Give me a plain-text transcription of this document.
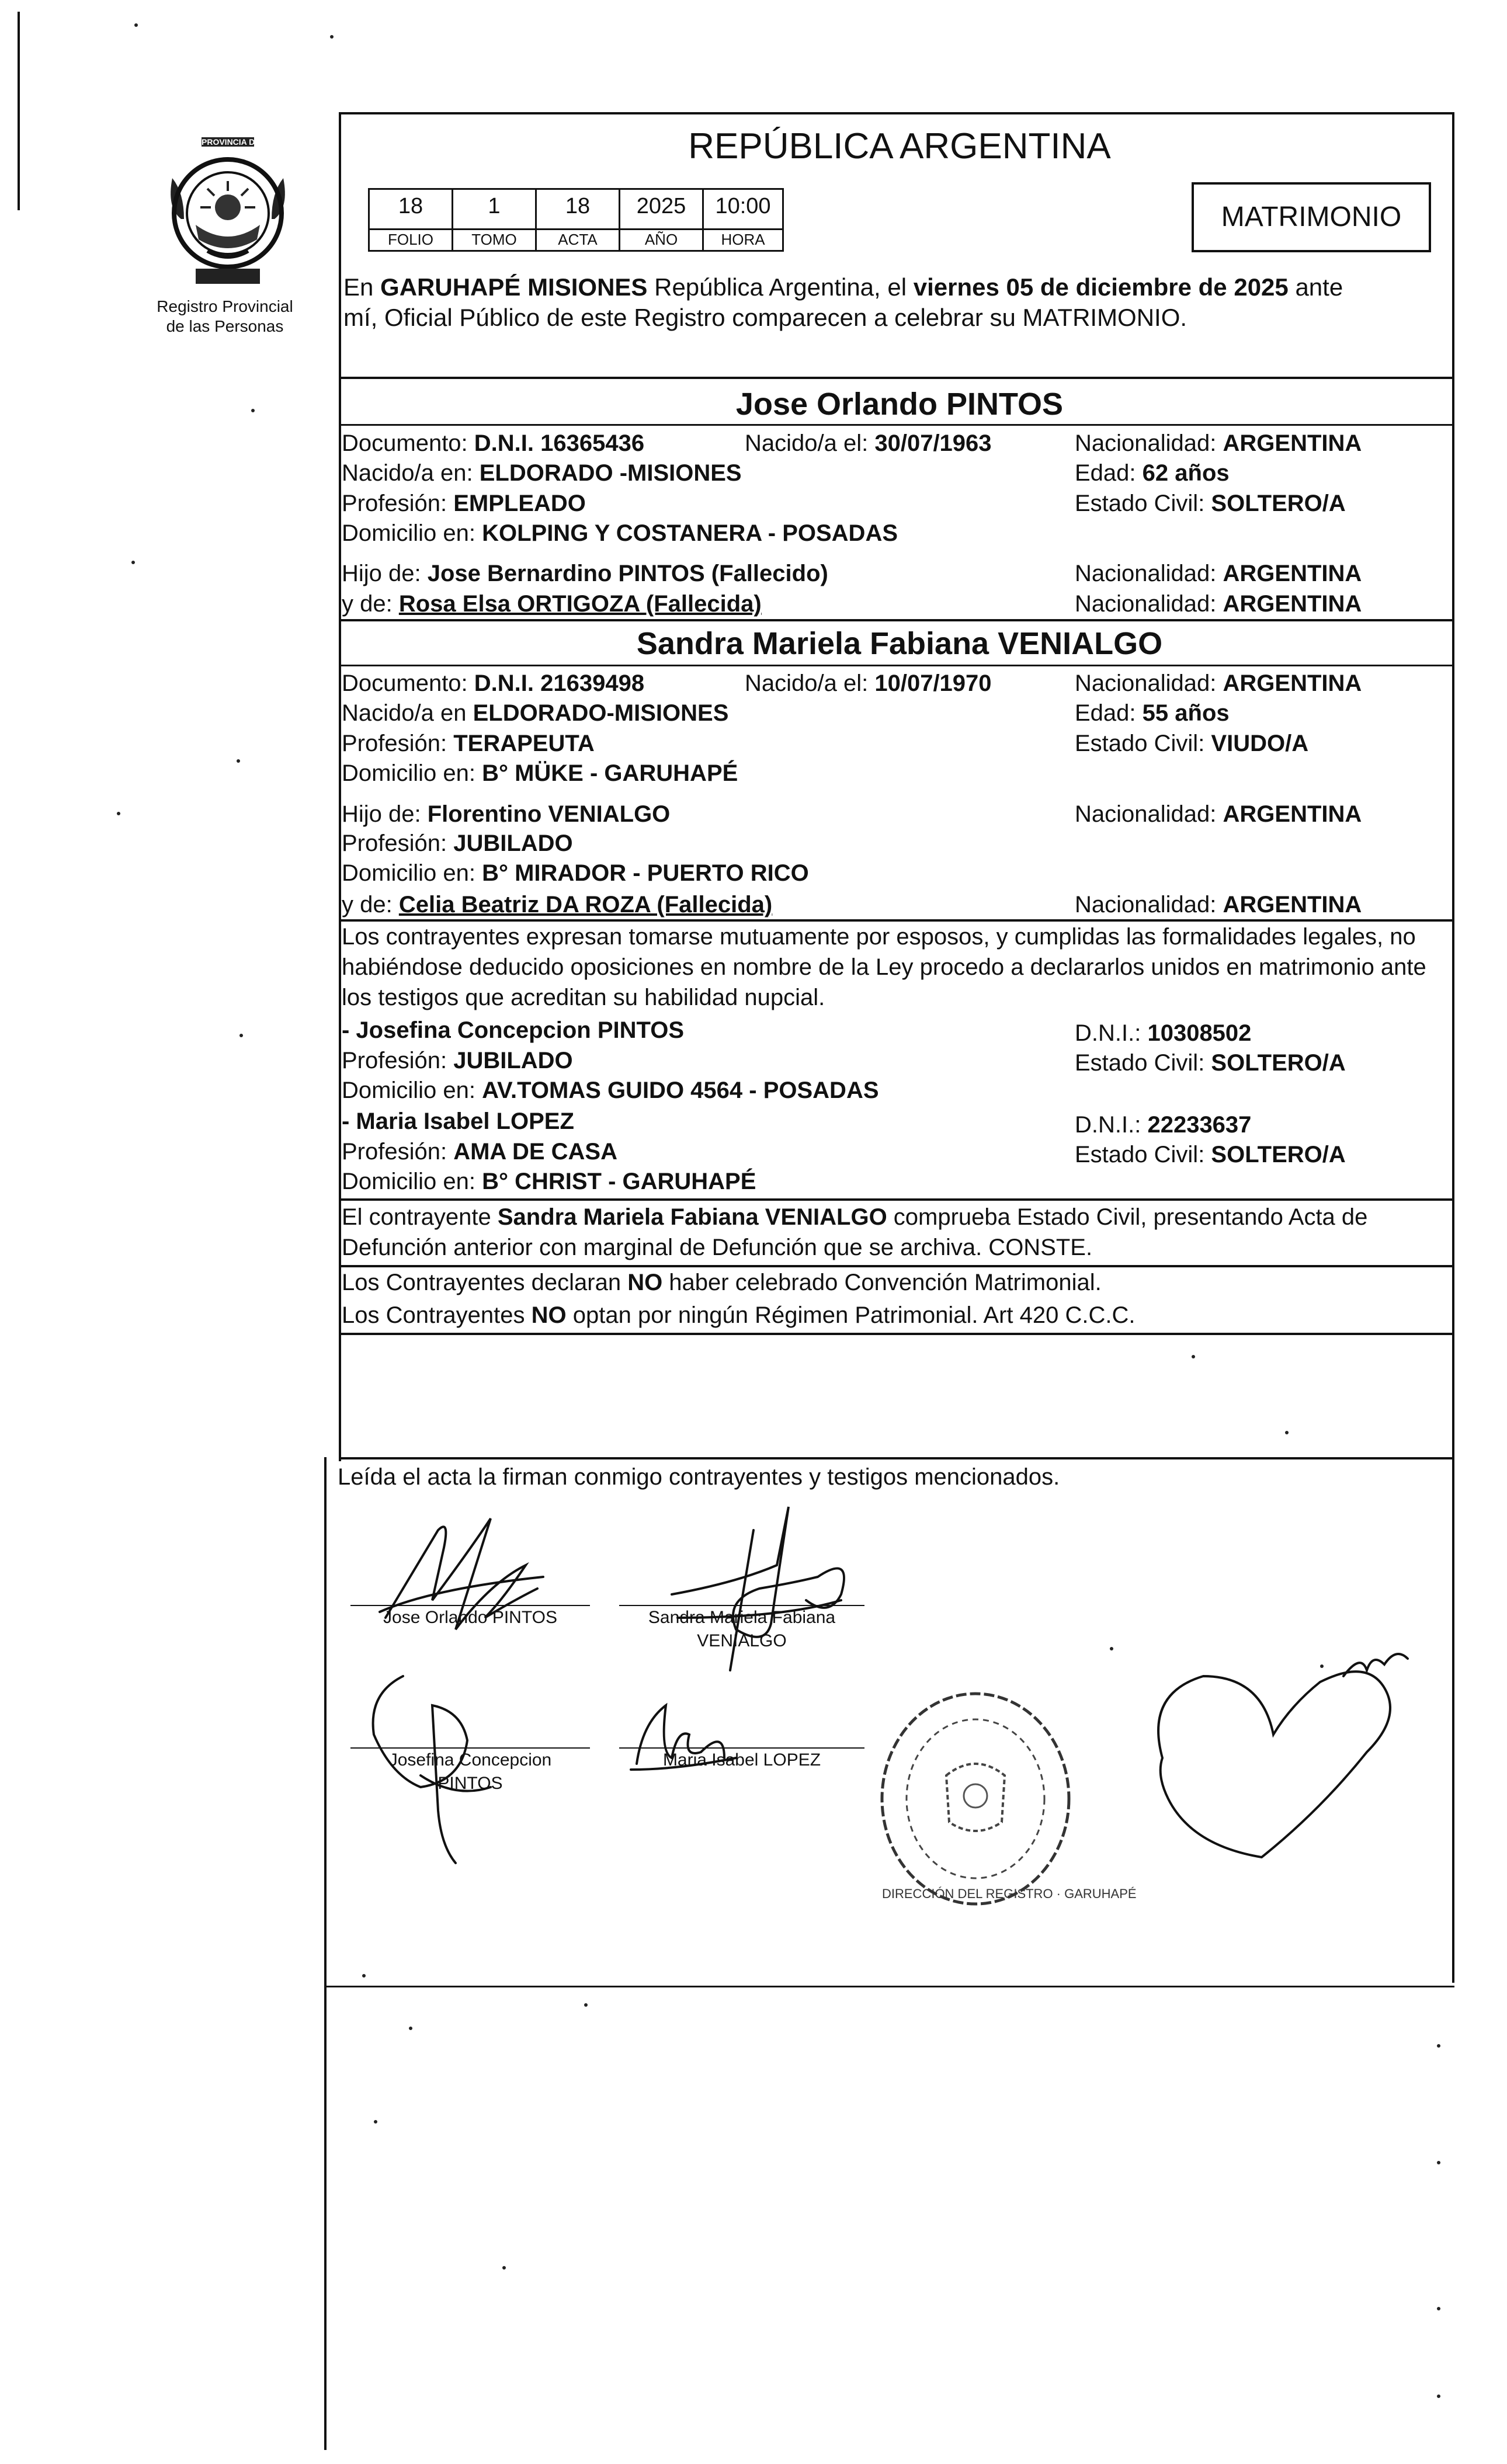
PROVINCIA DE MISIONES
Registro Provincial
de las Personas
REPÚBLICA ARGENTINA
18	1	18	2025	10:00
FOLIO	TOMO	ACTA	AÑO	HORA
MATRIMONIO
En GARUHAPÉ MISIONES República Argentina, el viernes 05 de diciembre de 2025 ante
mí, Oficial Público de este Registro comparecen a celebrar su MATRIMONIO.
Jose Orlando PINTOS
Documento: D.N.I. 16365436	Nacido/a el: 30/07/1963	Nacionalidad: ARGENTINA
Nacido/a en: ELDORADO -MISIONES	Edad: 62 años
Profesión: EMPLEADO	Estado Civil: SOLTERO/A
Domicilio en: KOLPING Y COSTANERA - POSADAS
Hijo de: Jose Bernardino PINTOS (Fallecido)	Nacionalidad: ARGENTINA
y de: Rosa Elsa ORTIGOZA (Fallecida)	Nacionalidad: ARGENTINA
Sandra Mariela Fabiana VENIALGO
Documento: D.N.I. 21639498	Nacido/a el: 10/07/1970	Nacionalidad: ARGENTINA
Nacido/a en ELDORADO-MISIONES	Edad: 55 años
Profesión: TERAPEUTA	Estado Civil: VIUDO/A
Domicilio en: B° MÜKE - GARUHAPÉ
Hijo de: Florentino VENIALGO	Nacionalidad: ARGENTINA
Profesión: JUBILADO
Domicilio en: B° MIRADOR - PUERTO RICO
y de: Celia Beatriz DA ROZA (Fallecida)	Nacionalidad: ARGENTINA
Los contrayentes expresan tomarse mutuamente por esposos, y cumplidas las formalidades legales, no
habiéndose deducido oposiciones en nombre de la Ley procedo a declararlos unidos en matrimonio ante
los testigos que acreditan su habilidad nupcial.
- Josefina Concepcion PINTOS	D.N.I.: 10308502
Profesión: JUBILADO	Estado Civil: SOLTERO/A
Domicilio en: AV.TOMAS GUIDO 4564 - POSADAS
- Maria Isabel LOPEZ	D.N.I.: 22233637
Profesión: AMA DE CASA	Estado Civil: SOLTERO/A
Domicilio en: B° CHRIST - GARUHAPÉ
El contrayente Sandra Mariela Fabiana VENIALGO comprueba Estado Civil, presentando Acta de
Defunción anterior con marginal de Defunción que se archiva. CONSTE.
Los Contrayentes declaran NO haber celebrado Convención Matrimonial.
Los Contrayentes NO optan por ningún Régimen Patrimonial. Art 420 C.C.C.
Leída el acta la firman conmigo contrayentes y testigos mencionados.
Jose Orlando PINTOS	Sandra Mariela Fabiana
VENIALGO
Josefina Concepcion
PINTOS
Maria Isabel LOPEZ
DIRECCIÓN DEL REGISTRO · GARUHAPÉ
